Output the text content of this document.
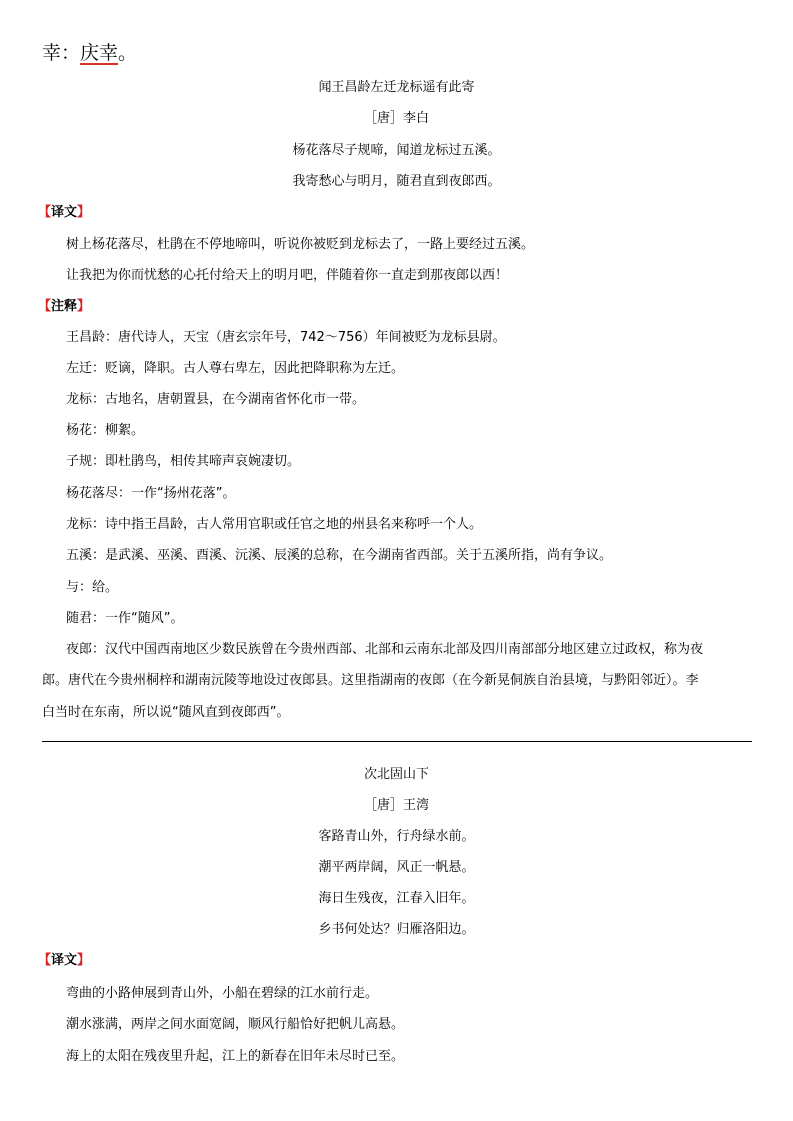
幸：庆幸。
闻王昌龄左迁龙标遥有此寄
［唐］李白
杨花落尽子规啼，闻道龙标过五溪。
我寄愁心与明月，随君直到夜郎西。
【译文】
树上杨花落尽，杜鹃在不停地啼叫，听说你被贬到龙标去了，一路上要经过五溪。
让我把为你而忧愁的心托付给天上的明月吧，伴随着你一直走到那夜郎以西！
【注释】
王昌龄：唐代诗人，天宝（唐玄宗年号，742～756）年间被贬为龙标县尉。
左迁：贬谪，降职。古人尊右卑左，因此把降职称为左迁。
龙标：古地名，唐朝置县，在今湖南省怀化市一带。
杨花：柳絮。
子规：即杜鹃鸟，相传其啼声哀婉凄切。
杨花落尽：一作“扬州花落”。
龙标：诗中指王昌龄，古人常用官职或任官之地的州县名来称呼一个人。
五溪：是武溪、巫溪、酉溪、沅溪、辰溪的总称，在今湖南省西部。关于五溪所指，尚有争议。
与：给。
随君：一作“随风”。
夜郎：汉代中国西南地区少数民族曾在今贵州西部、北部和云南东北部及四川南部部分地区建立过政权，称为夜
郎。唐代在今贵州桐梓和湖南沅陵等地设过夜郎县。这里指湖南的夜郎（在今新晃侗族自治县境，与黔阳邻近）。李
白当时在东南，所以说“随风直到夜郎西”。
次北固山下
［唐］王湾
客路青山外，行舟绿水前。
潮平两岸阔，风正一帆悬。
海日生残夜，江春入旧年。
乡书何处达？归雁洛阳边。
【译文】
弯曲的小路伸展到青山外，小船在碧绿的江水前行走。
潮水涨满，两岸之间水面宽阔，顺风行船恰好把帆儿高悬。
海上的太阳在残夜里升起，江上的新春在旧年未尽时已至。
